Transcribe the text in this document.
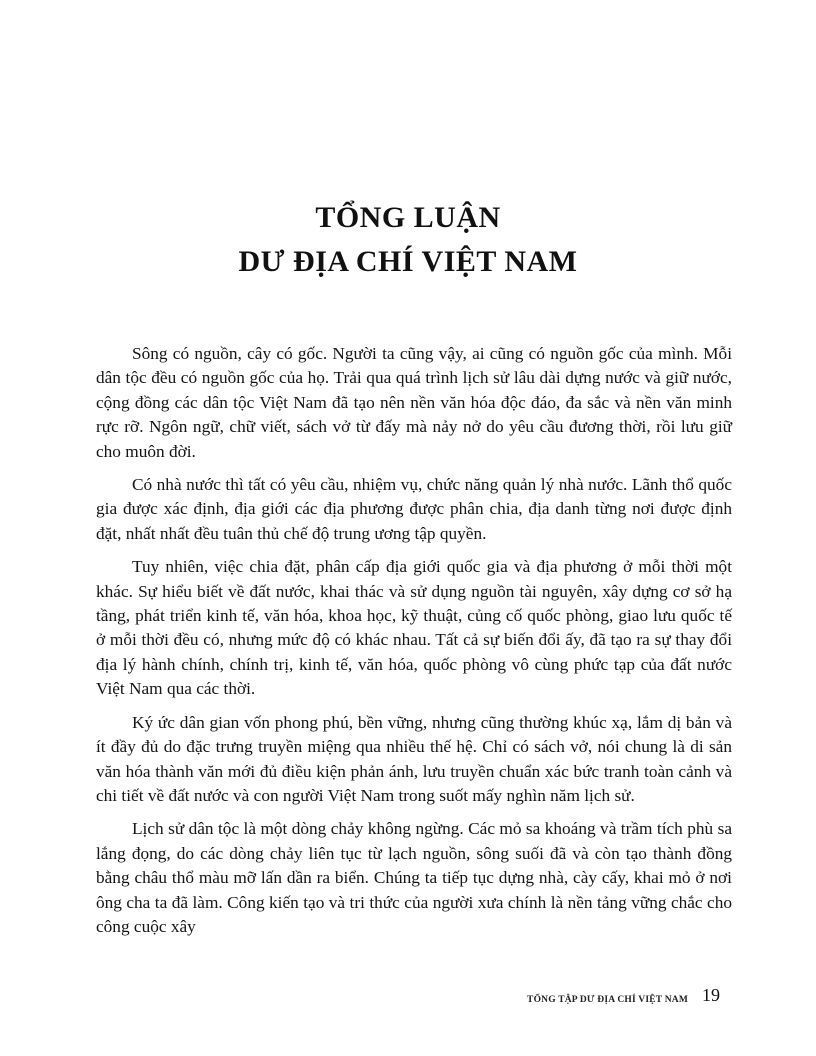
TỔNG LUẬN
DƯ ĐỊA CHÍ VIỆT NAM

Sông có nguồn, cây có gốc. Người ta cũng vậy, ai cũng có nguồn gốc của mình. Mỗi dân tộc đều có nguồn gốc của họ. Trải qua quá trình lịch sử lâu dài dựng nước và giữ nước, cộng đồng các dân tộc Việt Nam đã tạo nên nền văn hóa độc đáo, đa sắc và nền văn minh rực rỡ. Ngôn ngữ, chữ viết, sách vở từ đấy mà nảy nở do yêu cầu đương thời, rồi lưu giữ cho muôn đời.

Có nhà nước thì tất có yêu cầu, nhiệm vụ, chức năng quản lý nhà nước. Lãnh thổ quốc gia được xác định, địa giới các địa phương được phân chia, địa danh từng nơi được định đặt, nhất nhất đều tuân thủ chế độ trung ương tập quyền.

Tuy nhiên, việc chia đặt, phân cấp địa giới quốc gia và địa phương ở mỗi thời một khác. Sự hiểu biết về đất nước, khai thác và sử dụng nguồn tài nguyên, xây dựng cơ sở hạ tầng, phát triển kinh tế, văn hóa, khoa học, kỹ thuật, củng cố quốc phòng, giao lưu quốc tế ở mỗi thời đều có, nhưng mức độ có khác nhau. Tất cả sự biến đổi ấy, đã tạo ra sự thay đổi địa lý hành chính, chính trị, kinh tế, văn hóa, quốc phòng vô cùng phức tạp của đất nước Việt Nam qua các thời.

Ký ức dân gian vốn phong phú, bền vững, nhưng cũng thường khúc xạ, lắm dị bản và ít đầy đủ do đặc trưng truyền miệng qua nhiều thế hệ. Chỉ có sách vở, nói chung là di sản văn hóa thành văn mới đủ điều kiện phản ánh, lưu truyền chuẩn xác bức tranh toàn cảnh và chi tiết về đất nước và con người Việt Nam trong suốt mấy nghìn năm lịch sử.

Lịch sử dân tộc là một dòng chảy không ngừng. Các mỏ sa khoáng và trầm tích phù sa lắng đọng, do các dòng chảy liên tục từ lạch nguồn, sông suối đã và còn tạo thành đồng bằng châu thổ màu mỡ lấn dần ra biển. Chúng ta tiếp tục dựng nhà, cày cấy, khai mỏ ở nơi ông cha ta đã làm. Công kiến tạo và tri thức của người xưa chính là nền tảng vững chắc cho công cuộc xây

TỔNG TẬP DƯ ĐỊA CHÍ VIỆT NAM 19
